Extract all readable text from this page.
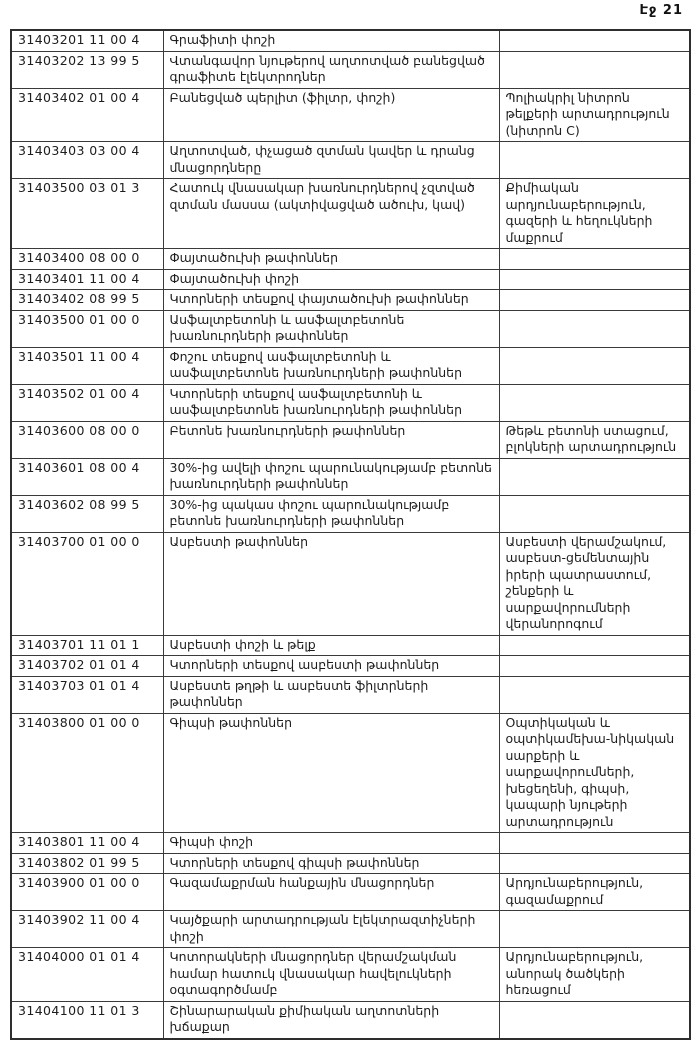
Էջ 21
31403201 11 00 4	Գրաֆիտի փոշի	
31403202 13 99 5	Վտանգավոր նյութերով աղտոտված բանեցված գրաֆիտե էլեկտրոդներ	
31403402 01 00 4	Բանեցված պերլիտ (ֆիլտր, փոշի)	Պոլիակրիլ նիտրոն թելքերի արտադրություն (նիտրոն C)
31403403 03 00 4	Աղտոտված, փչացած զտման կավեր և դրանց մնացորդները	
31403500 03 01 3	Հատուկ վնասակար խառնուրդներով չզտված զտման մասսա (ակտիվացված ածուխ, կավ)	Քիմիական արդյունաբերություն, գազերի և հեղուկների մաքրում
31403400 08 00 0	Փայտածուխի թափոններ	
31403401 11 00 4	Փայտածուխի փոշի	
31403402 08 99 5	Կտորների տեսքով փայտածուխի թափոններ	
31403500 01 00 0	Ասֆալտբետոնի և ասֆալտբետոնե խառնուրդների թափոններ	
31403501 11 00 4	Փոշու տեսքով ասֆալտբետոնի և ասֆալտբետոնե խառնուրդների թափոններ	
31403502 01 00 4	Կտորների տեսքով ասֆալտբետոնի և ասֆալտբետոնե խառնուրդների թափոններ	
31403600 08 00 0	Բետոնե խառնուրդների թափոններ	Թեթև բետոնի ստացում, բլոկների արտադրություն
31403601 08 00 4	30%-ից ավելի փոշու պարունակությամբ բետոնե խառնուրդների թափոններ	
31403602 08 99 5	30%-ից պակաս փոշու պարունակությամբ բետոնե խառնուրդների թափոններ	
31403700 01 00 0	Ասբեստի թափոններ	Ասբեստի վերամշակում, ասբեստ-ցեմենտային իրերի պատրաստում, շենքերի և սարքավորումների վերանորոգում
31403701 11 01 1	Ասբեստի փոշի և թելք	
31403702 01 01 4	Կտորների տեսքով ասբեստի թափոններ	
31403703 01 01 4	Ասբեստե թղթի և ասբեստե ֆիլտրների թափոններ	
31403800 01 00 0	Գիպսի թափոններ	Օպտիկական և օպտիկամեխա-նիկական սարքերի և սարքավորումների, խեցեղենի, գիպսի, կապարի նյութերի արտադրություն
31403801 11 00 4	Գիպսի փոշի	
31403802 01 99 5	Կտորների տեսքով գիպսի թափոններ	
31403900 01 00 0	Գազամաքրման հանքային մնացորդներ	Արդյունաբերություն, գազամաքրում
31403902 11 00 4	Կայծքարի արտադրության էլեկտրազտիչների փոշի	
31404000 01 01 4	Կոտորակների մնացորդներ վերամշակման համար հատուկ վնասակար հավելուկների օգտագործմամբ	Արդյունաբերություն, անորակ ծածկերի հեռացում
31404100 11 01 3	Շինարարական քիմիական աղտոտների խճաքար	
